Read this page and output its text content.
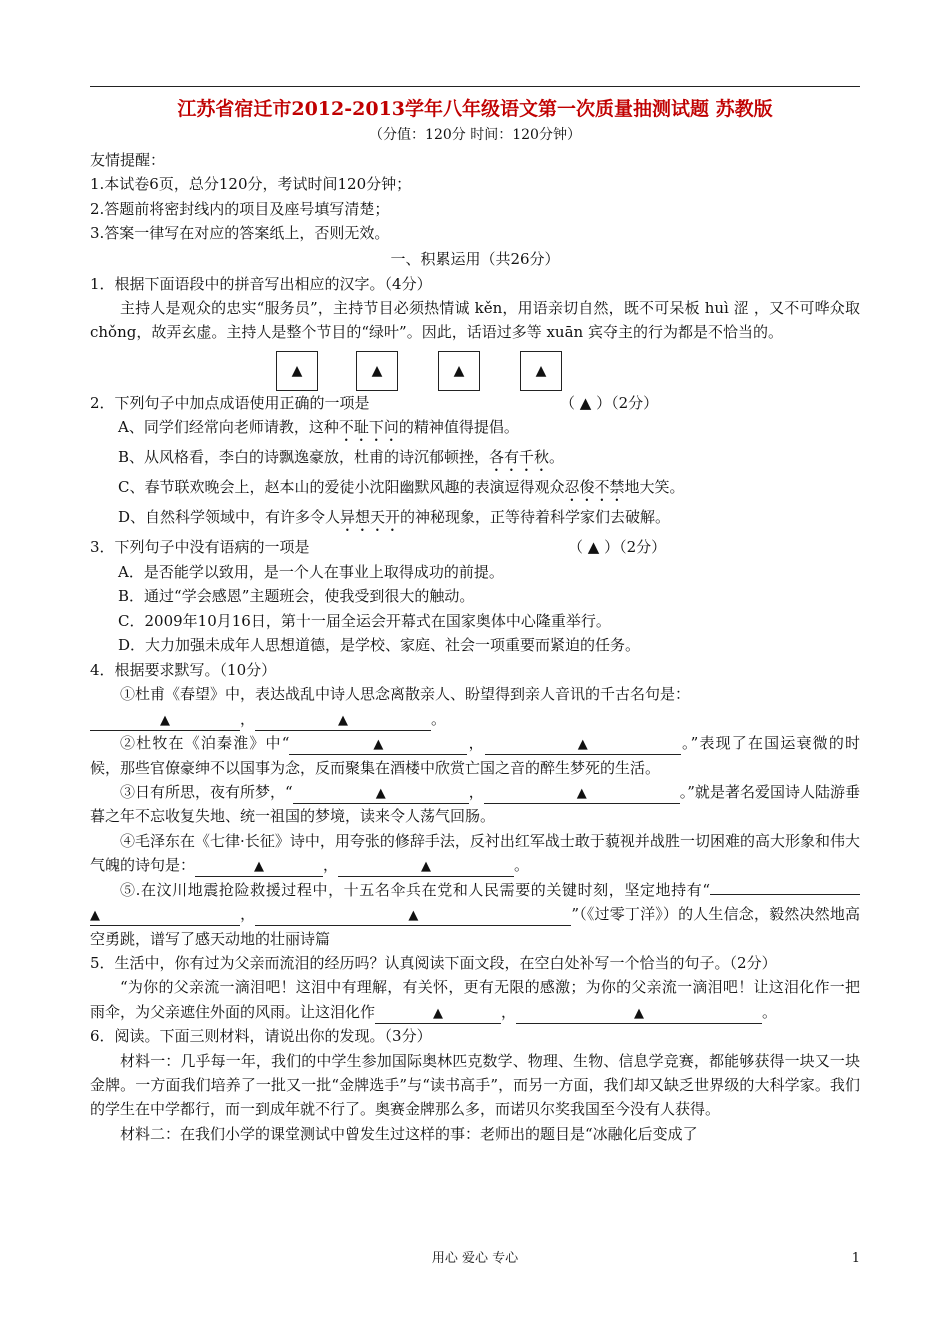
江苏省宿迁市2012-2013学年八年级语文第一次质量抽测试题 苏教版
（分值：120分 时间：120分钟）
友情提醒：
1.本试卷6页，总分120分，考试时间120分钟；
2.答题前将密封线内的项目及座号填写清楚；
3.答案一律写在对应的答案纸上，否则无效。
一、积累运用（共26分）
1．根据下面语段中的拼音写出相应的汉字。（4分）
主持人是观众的忠实“服务员”，主持节目必须热情诚 kěn，用语亲切自然，既不可呆板 huì 涩 ，又不可哗众取 chǒng，故弄玄虚。主持人是整个节目的“绿叶”。因此，话语过多等 xuān 宾夺主的行为都是不恰当的。
▲	▲	▲	▲
2．下列句子中加点成语使用正确的一项是	（ ▲ ）（2分）
A、同学们经常向老师请教，这种不耻下问的精神值得提倡。
B、从风格看，李白的诗飘逸豪放，杜甫的诗沉郁顿挫，各有千秋。
C、春节联欢晚会上，赵本山的爱徒小沈阳幽默风趣的表演逗得观众忍俊不禁地大笑。
D、自然科学领域中，有许多令人异想天开的神秘现象，正等待着科学家们去破解。
3．下列句子中没有语病的一项是	（ ▲ ）（2分）
A．是否能学以致用，是一个人在事业上取得成功的前提。
B．通过“学会感恩”主题班会，使我受到很大的触动。
C．2009年10月16日，第十一届全运会开幕式在国家奥体中心隆重举行。
D．大力加强未成年人思想道德，是学校、家庭、社会一项重要而紧迫的任务。
4．根据要求默写。（10分）
①杜甫《春望》中，表达战乱中诗人思念离散亲人、盼望得到亲人音讯的千古名句是：
▲	，	▲	。
②杜牧在《泊秦淮》中“	▲	，	▲	。”表现了在国运衰微的时候，那些官僚豪绅不以国事为念，反而聚集在酒楼中欣赏亡国之音的醉生梦死的生活。
③日有所思，夜有所梦，“	▲	，	▲	。”就是著名爱国诗人陆游垂暮之年不忘收复失地、统一祖国的梦境，读来令人荡气回肠。
④毛泽东在《七律·长征》诗中，用夸张的修辞手法，反衬出红军战士敢于藐视并战胜一切困难的高大形象和伟大气魄的诗句是：	▲	，	▲	。
⑤.在汶川地震抢险救援过程中，十五名伞兵在党和人民需要的关键时刻，坚定地持有“▲	，	▲	”（《过零丁洋》）的人生信念，毅然决然地高空勇跳，谱写了感天动地的壮丽诗篇
5．生活中，你有过为父亲而流泪的经历吗？认真阅读下面文段，在空白处补写一个恰当的句子。（2分）
“为你的父亲流一滴泪吧！这泪中有理解，有关怀，更有无限的感激；为你的父亲流一滴泪吧！让这泪化作一把雨伞，为父亲遮住外面的风雨。让这泪化作	▲	，	▲	。
6．阅读。下面三则材料，请说出你的发现。（3分）
材料一：几乎每一年，我们的中学生参加国际奥林匹克数学、物理、生物、信息学竞赛，都能够获得一块又一块金牌。一方面我们培养了一批又一批“金牌选手”与“读书高手”，而另一方面，我们却又缺乏世界级的大科学家。我们的学生在中学都行，而一到成年就不行了。奥赛金牌那么多，而诺贝尔奖我国至今没有人获得。
材料二：在我们小学的课堂测试中曾发生过这样的事：老师出的题目是“冰融化后变成了
用心 爱心 专心	1
